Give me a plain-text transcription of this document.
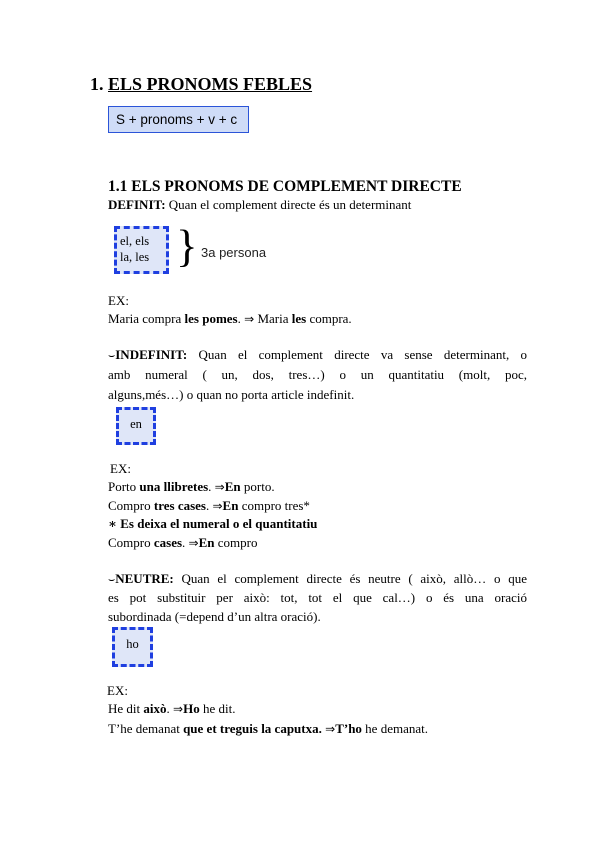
1. ELS PRONOMS FEBLES
S + pronoms + v + c
1.1 ELS PRONOMS DE COMPLEMENT DIRECTE
DEFINIT: Quan el complement directe és un determinant
el, els
la, les } 3a persona
EX:
Maria compra les pomes. ⇒ Maria les compra.
⌣INDEFINIT: Quan el complement directe va sense determinant, o
amb numeral ( un, dos, tres…) o un quantitatiu (molt, poc,
alguns,més…) o quan no porta article indefinit.
en
EX:
Porto una llibretes. ⇒En porto.
Compro tres cases. ⇒En compro tres*
∗ Es deixa el numeral o el quantitatiu
Compro cases. ⇒En compro
⌣NEUTRE: Quan el complement directe és neutre ( això, allò… o que
es pot substituir per això: tot, tot el que cal…) o és una oració
subordinada (=depend d’un altra oració).
ho
EX:
He dit això. ⇒Ho he dit.
T’he demanat que et treguis la caputxa. ⇒T’ho he demanat.
